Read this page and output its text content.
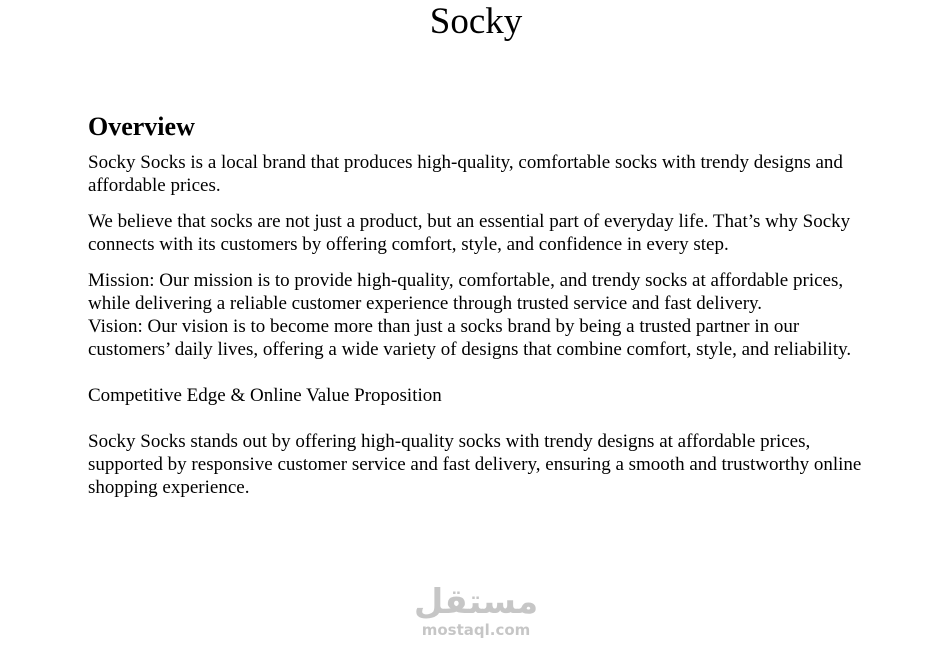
Socky
Overview

Socky Socks is a local brand that produces high-quality, comfortable socks with trendy designs and affordable prices.

We believe that socks are not just a product, but an essential part of everyday life. That’s why Socky connects with its customers by offering comfort, style, and confidence in every step.

Mission: Our mission is to provide high-quality, comfortable, and trendy socks at affordable prices, while delivering a reliable customer experience through trusted service and fast delivery.

Vision: Our vision is to become more than just a socks brand by being a trusted partner in our customers’ daily lives, offering a wide variety of designs that combine comfort, style, and reliability.

Competitive Edge & Online Value Proposition

Socky Socks stands out by offering high-quality socks with trendy designs at affordable prices, supported by responsive customer service and fast delivery, ensuring a smooth and trustworthy online shopping experience.

مستقل
mostaql.com
